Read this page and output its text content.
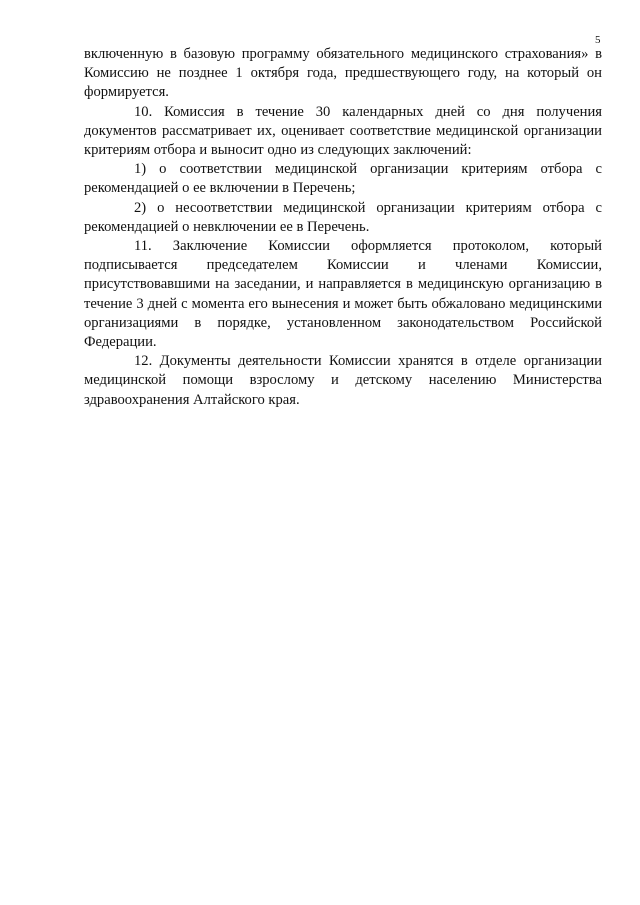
5

включенную в базовую программу обязательного медицинского страхования» в Комиссию не позднее 1 октября года, предшествующего году, на который он формируется.

10. Комиссия в течение 30 календарных дней со дня получения документов рассматривает их, оценивает соответствие медицинской организации критериям отбора и выносит одно из следующих заключений:

1) о соответствии медицинской организации критериям отбора с рекомендацией о ее включении в Перечень;

2) о несоответствии медицинской организации критериям отбора с рекомендацией о невключении ее в Перечень.

11. Заключение Комиссии оформляется протоколом, который подписывается председателем Комиссии и членами Комиссии, присутствовавшими на заседании, и направляется в медицинскую организацию в течение 3 дней с момента его вынесения и может быть обжаловано медицинскими организациями в порядке, установленном законодательством Российской Федерации.

12. Документы деятельности Комиссии хранятся в отделе организации медицинской помощи взрослому и детскому населению Министерства здравоохранения Алтайского края.
